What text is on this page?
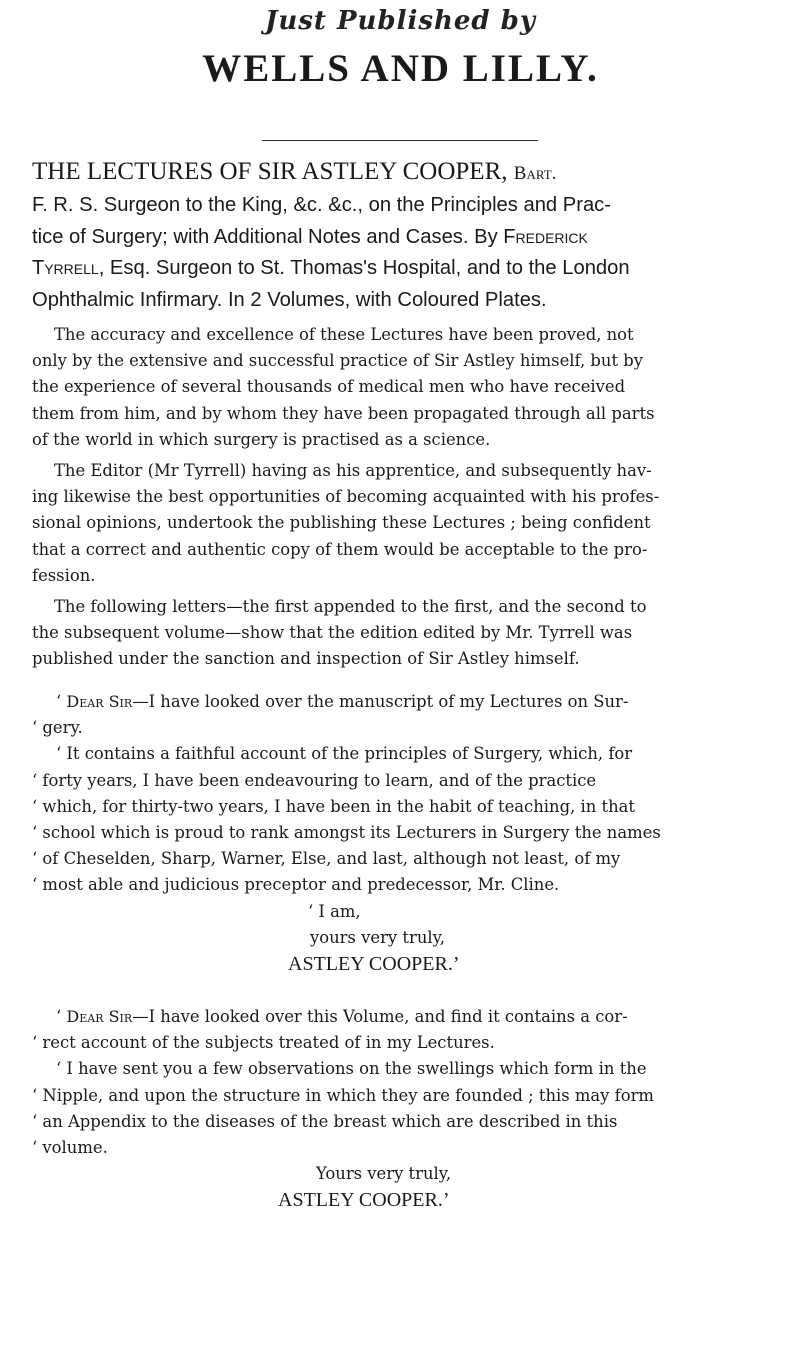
Just Published by
WELLS AND LILLY.
THE LECTURES OF SIR ASTLEY COOPER, Bart.
F. R. S. Surgeon to the King, &c. &c., on the Principles and Prac-
tice of Surgery; with Additional Notes and Cases. By Frederick
Tyrrell, Esq. Surgeon to St. Thomas's Hospital, and to the London
Ophthalmic Infirmary. In 2 Volumes, with Coloured Plates.
The accuracy and excellence of these Lectures have been proved, not
only by the extensive and successful practice of Sir Astley himself, but by
the experience of several thousands of medical men who have received
them from him, and by whom they have been propagated through all parts
of the world in which surgery is practised as a science.
The Editor (Mr Tyrrell) having as his apprentice, and subsequently hav-
ing likewise the best opportunities of becoming acquainted with his profes-
sional opinions, undertook the publishing these Lectures ; being confident
that a correct and authentic copy of them would be acceptable to the pro-
fession.
The following letters—the first appended to the first, and the second to
the subsequent volume—show that the edition edited by Mr. Tyrrell was
published under the sanction and inspection of Sir Astley himself.
‘ Dear Sir—I have looked over the manuscript of my Lectures on Sur-
‘ gery.
‘ It contains a faithful account of the principles of Surgery, which, for
‘ forty years, I have been endeavouring to learn, and of the practice
‘ which, for thirty-two years, I have been in the habit of teaching, in that
‘ school which is proud to rank amongst its Lecturers in Surgery the names
‘ of Cheselden, Sharp, Warner, Else, and last, although not least, of my
‘ most able and judicious preceptor and predecessor, Mr. Cline.
‘ I am,
yours very truly,
ASTLEY COOPER.’
‘ Dear Sir—I have looked over this Volume, and find it contains a cor-
‘ rect account of the subjects treated of in my Lectures.
‘ I have sent you a few observations on the swellings which form in the
‘ Nipple, and upon the structure in which they are founded ; this may form
‘ an Appendix to the diseases of the breast which are described in this
‘ volume.
Yours very truly,
ASTLEY COOPER.’
